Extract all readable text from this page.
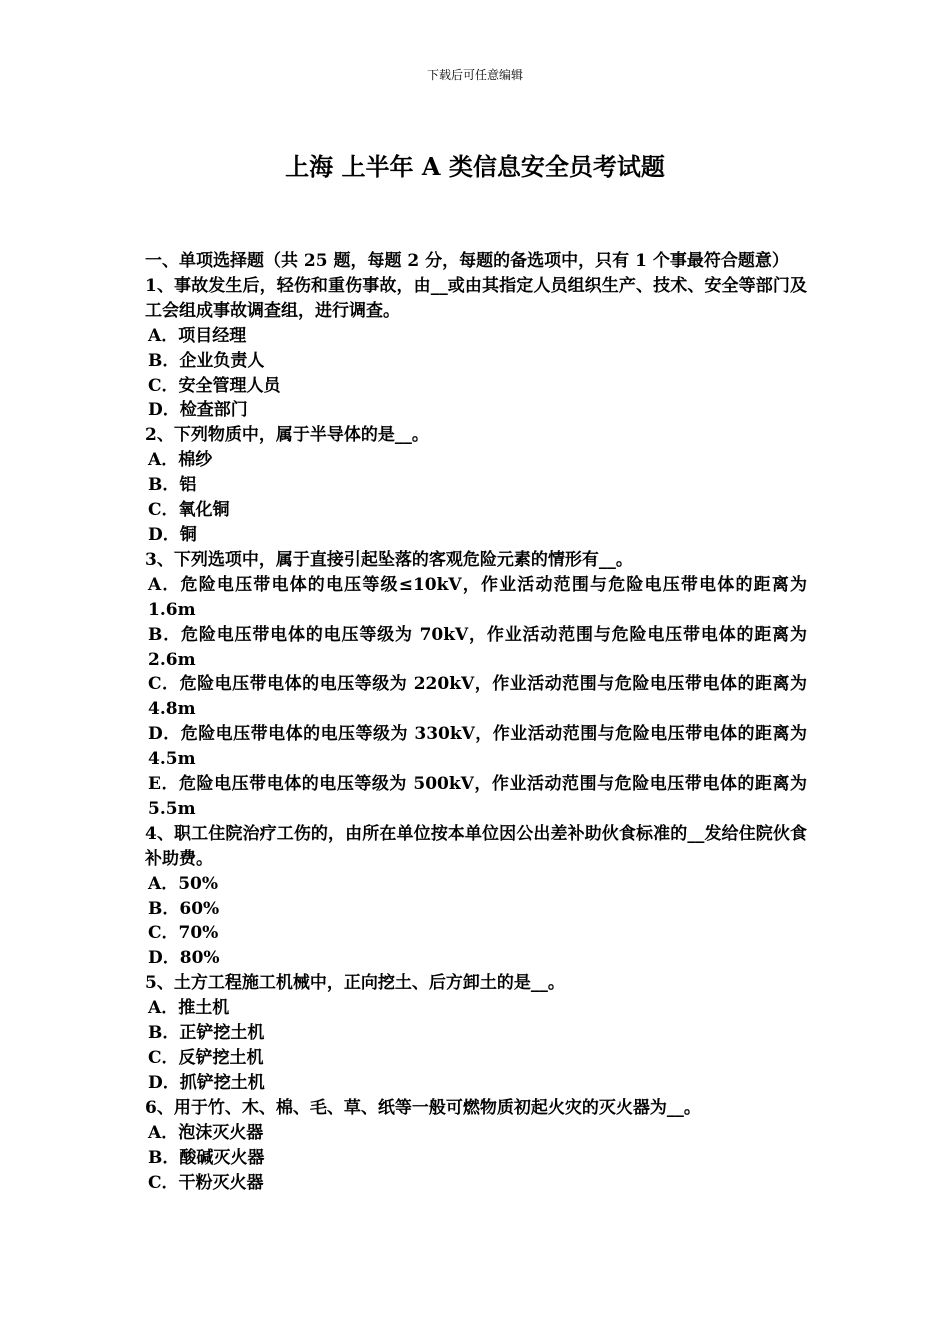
下载后可任意编辑
上海 上半年 A 类信息安全员考试题

一、单项选择题（共 25 题，每题 2 分，每题的备选项中，只有 1 个事最符合题意）

1、事故发生后，轻伤和重伤事故，由__或由其指定人员组织生产、技术、安全等部门及工会组成事故调查组，进行调查。

A．项目经理

B．企业负责人

C．安全管理人员

D．检查部门

2、下列物质中，属于半导体的是__。

A．棉纱

B．铝

C．氧化铜

D．铜

3、下列选项中，属于直接引起坠落的客观危险元素的情形有__。

A．危险电压带电体的电压等级≤10kV，作业活动范围与危险电压带电体的距离为 1.6m

B．危险电压带电体的电压等级为 70kV，作业活动范围与危险电压带电体的距离为 2.6m

C．危险电压带电体的电压等级为 220kV，作业活动范围与危险电压带电体的距离为 4.8m

D．危险电压带电体的电压等级为 330kV，作业活动范围与危险电压带电体的距离为 4.5m

E．危险电压带电体的电压等级为 500kV，作业活动范围与危险电压带电体的距离为 5.5m

4、职工住院治疗工伤的，由所在单位按本单位因公出差补助伙食标准的__发给住院伙食补助费。

A．50%

B．60%

C．70%

D．80%

5、土方工程施工机械中，正向挖土、后方卸土的是__。

A．推土机

B．正铲挖土机

C．反铲挖土机

D．抓铲挖土机

6、用于竹、木、棉、毛、草、纸等一般可燃物质初起火灾的灭火器为__。

A．泡沫灭火器

B．酸碱灭火器

C．干粉灭火器
